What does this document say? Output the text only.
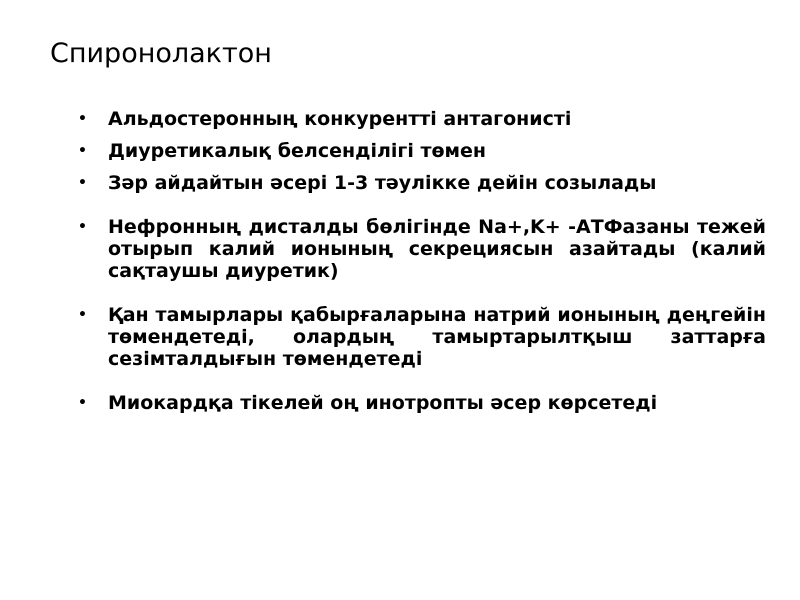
Спиронолактон
• Альдостеронның конкурентті антагонисті
• Диуретикалық белсенділігі төмен
• Зәр айдайтын әсері 1-3 тәулікке дейін созылады
• Нефронның дисталды бөлігінде Na+,K+ -АТФазаны тежей отырып калий ионының секрециясын азайтады (калий сақтаушы диуретик)
• Қан тамырлары қабырғаларына натрий ионының деңгейін төмендетеді, олардың тамыртарылтқыш заттарға сезімталдығын төмендетеді
• Миокардқа тікелей оң инотропты әсер көрсетеді
